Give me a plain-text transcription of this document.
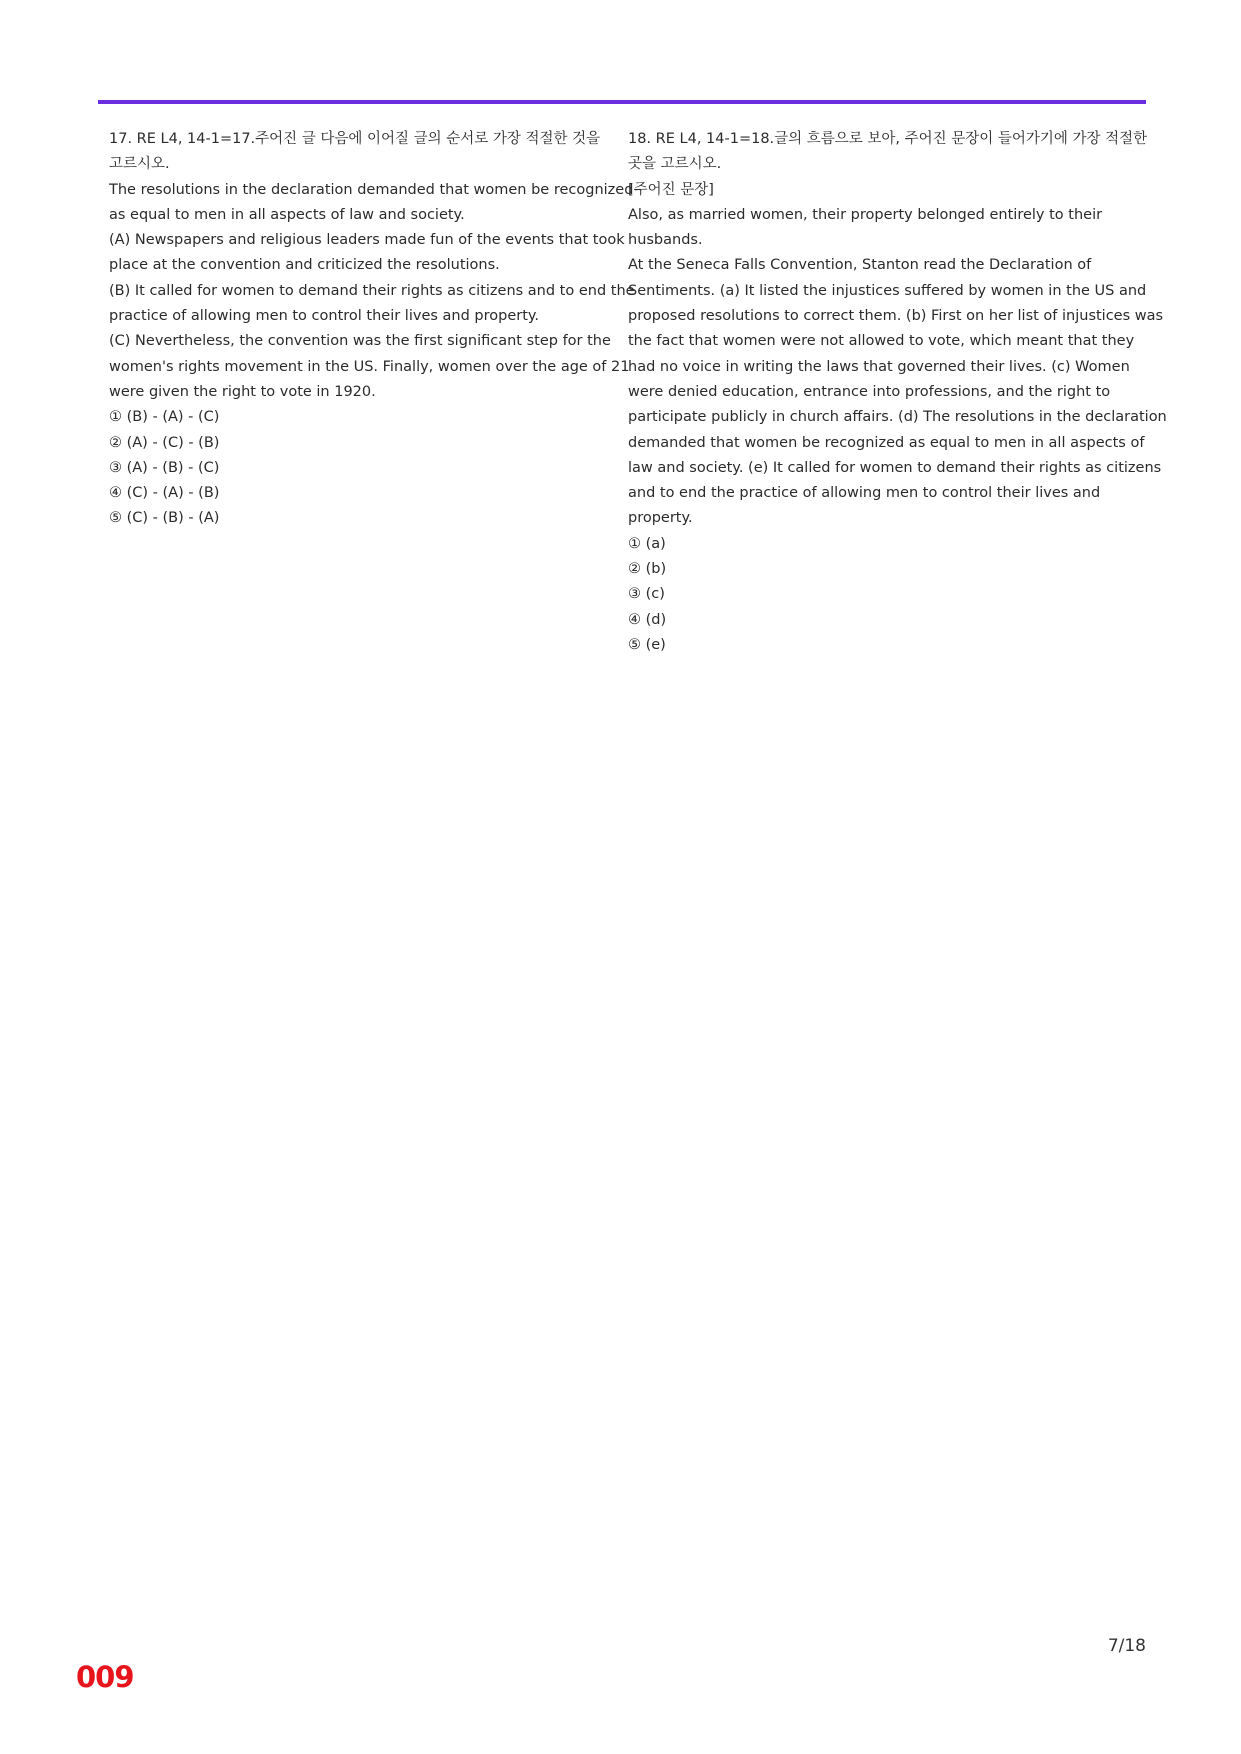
17. RE L4, 14-1=17.주어진 글 다음에 이어질 글의 순서로 가장 적절한 것을
고르시오.
The resolutions in the declaration demanded that women be recognized
as equal to men in all aspects of law and society.
(A) Newspapers and religious leaders made fun of the events that took
place at the convention and criticized the resolutions.
(B) It called for women to demand their rights as citizens and to end the
practice of allowing men to control their lives and property.
(C) Nevertheless, the convention was the first significant step for the
women's rights movement in the US. Finally, women over the age of 21
were given the right to vote in 1920.
① (B) - (A) - (C)
② (A) - (C) - (B)
③ (A) - (B) - (C)
④ (C) - (A) - (B)
⑤ (C) - (B) - (A)
18. RE L4, 14-1=18.글의 흐름으로 보아, 주어진 문장이 들어가기에 가장 적절한
곳을 고르시오.
[주어진 문장]
Also, as married women, their property belonged entirely to their
husbands.
At the Seneca Falls Convention, Stanton read the Declaration of
Sentiments. (a) It listed the injustices suffered by women in the US and
proposed resolutions to correct them. (b) First on her list of injustices was
the fact that women were not allowed to vote, which meant that they
had no voice in writing the laws that governed their lives. (c) Women
were denied education, entrance into professions, and the right to
participate publicly in church affairs. (d) The resolutions in the declaration
demanded that women be recognized as equal to men in all aspects of
law and society. (e) It called for women to demand their rights as citizens
and to end the practice of allowing men to control their lives and
property.
① (a)
② (b)
③ (c)
④ (d)
⑤ (e)
7/18
009
